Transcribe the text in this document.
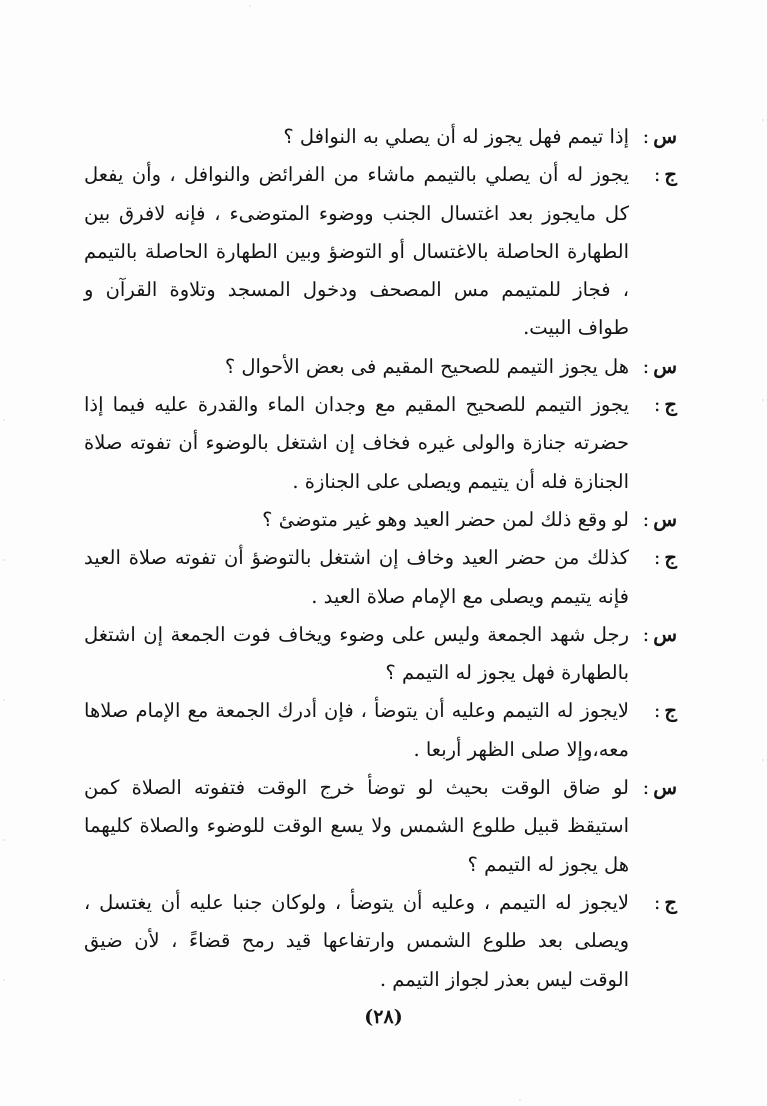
س:
إذا تيمم فهل يجوز له أن يصلي به النوافل ؟
ج:
يجوز له أن يصلي بالتيمم ماشاء من الفرائض والنوافل ، وأن يفعل كل مايجوز بعد اغتسال الجنب ووضوء المتوضىء ، فإنه لافرق بين الطهارة الحاصلة بالاغتسال أو التوضؤ وبين الطهارة الحاصلة بالتيمم ، فجاز للمتيمم مس المصحف ودخول المسجد وتلاوة القرآن و طواف البيت.
س:
هل يجوز التيمم للصحيح المقيم فى بعض الأحوال ؟
ج:
يجوز التيمم للصحيح المقيم مع وجدان الماء والقدرة عليه فيما إذا حضرته جنازة والولى غيره فخاف إن اشتغل بالوضوء أن تفوته صلاة الجنازة فله أن يتيمم ويصلى على الجنازة .
س:
لو وقع ذلك لمن حضر العيد وهو غير متوضئ ؟
ج:
كذلك من حضر العيد وخاف إن اشتغل بالتوضؤ أن تفوته صلاة العيد فإنه يتيمم ويصلى مع الإمام صلاة العيد .
س:
رجل شهد الجمعة وليس على وضوء ويخاف فوت الجمعة إن اشتغل بالطهارة فهل يجوز له التيمم ؟
ج:
لايجوز له التيمم وعليه أن يتوضأ ، فإن أدرك الجمعة مع الإمام صلاها معه،وإلا صلى الظهر أربعا .
س:
لو ضاق الوقت بحيث لو توضأ خرج الوقت فتفوته الصلاة كمن استيقظ قبيل طلوع الشمس ولا يسع الوقت للوضوء والصلاة كليهما هل يجوز له التيمم ؟
ج:
لايجوز له التيمم ، وعليه أن يتوضأ ، ولوكان جنبا عليه أن يغتسل ، ويصلى بعد طلوع الشمس وارتفاعها قيد رمح قضاءً ، لأن ضيق الوقت ليس بعذر لجواز التيمم .
(٢٨)
